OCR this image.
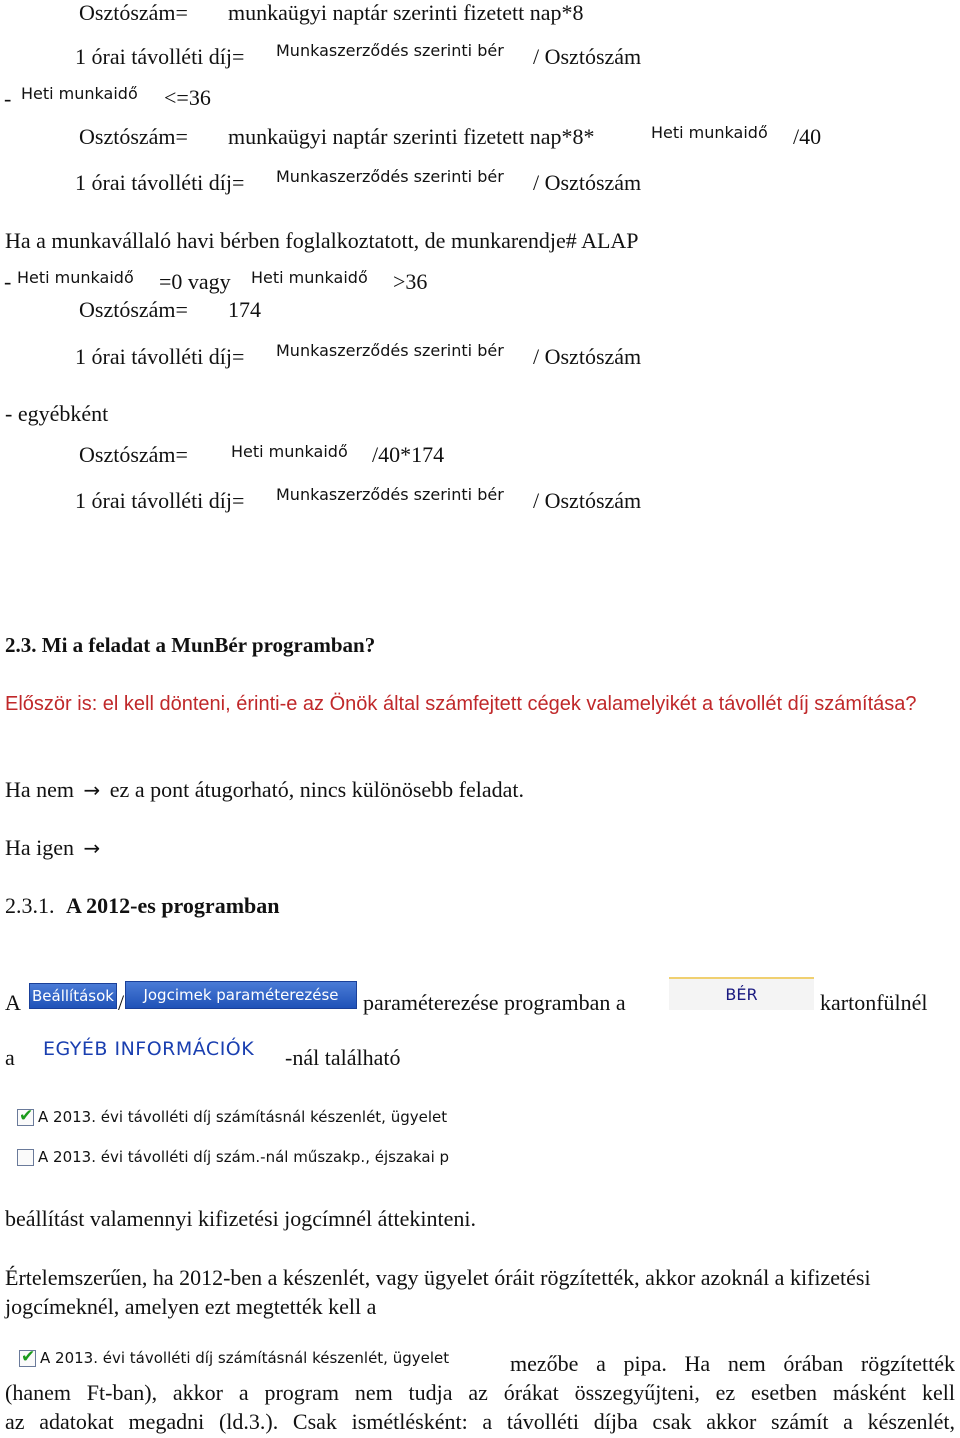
Osztószám= munkaügyi naptár szerinti fizetett nap*8
1 órai távolléti díj= Munkaszerződés szerinti bér / Osztószám
- Heti munkaidő <=36
Osztószám= munkaügyi naptár szerinti fizetett nap*8*	Heti munkaidő /40
1 órai távolléti díj= Munkaszerződés szerinti bér / Osztószám
Ha a munkavállaló havi bérben foglalkoztatott, de munkarendje# ALAP
- Heti munkaidő =0 vagy Heti munkaidő >36
Osztószám= 174
1 órai távolléti díj= Munkaszerződés szerinti bér / Osztószám
- egyébként
Osztószám=	Heti munkaidő /40*174
1 órai távolléti díj= Munkaszerződés szerinti bér / Osztószám
2.3. Mi a feladat a MunBér programban?
Először is: el kell dönteni, érinti-e az Önök által számfejtett cégek valamelyikét a távollét díj számítása?
Ha nem → ez a pont átugorható, nincs különösebb feladat.
Ha igen →
2.3.1. A 2012-es programban
A Beállítások /	Jogcimek paraméterezése	paraméterezése programban a	BÉR	kartonfülnél
a EGYÉB INFORMÁCIÓK -nál található
✔ A 2013. évi távolléti díj számításnál készenlét, ügyelet
A 2013. évi távolléti díj szám.-nál műszakp., éjszakai p
beállítást valamennyi kifizetési jogcímnél áttekinteni.
Értelemszerűen, ha 2012-ben a készenlét, vagy ügyelet óráit rögzítették, akkor azoknál a kifizetési jogcímeknél, amelyen ezt megtették kell a
✔ A 2013. évi távolléti díj számításnál készenlét, ügyelet	mezőbe a pipa. Ha nem órában rögzítették
(hanem Ft-ban), akkor a program nem tudja az órákat összegyűjteni, ez esetben másként kell
az adatokat megadni (ld.3.). Csak ismétlésként: a távolléti díjba csak akkor számít a készenlét,
